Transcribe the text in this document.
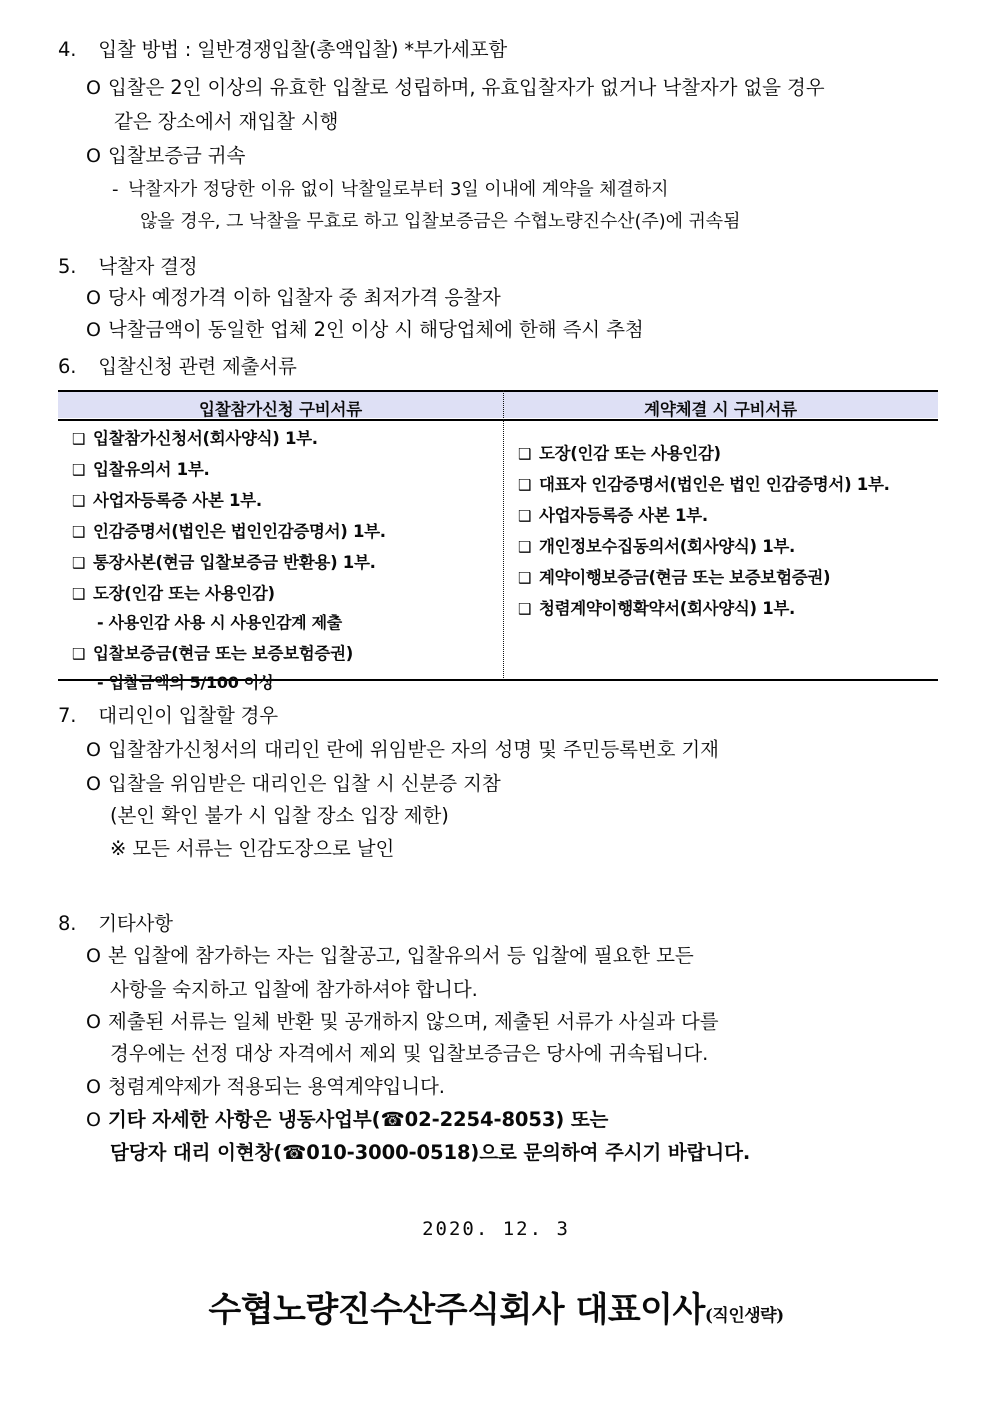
4. 입찰 방법 : 일반경쟁입찰(총액입찰) *부가세포함
O 입찰은 2인 이상의 유효한 입찰로 성립하며, 유효입찰자가 없거나 낙찰자가 없을 경우
같은 장소에서 재입찰 시행
O 입찰보증금 귀속
- 낙찰자가 정당한 이유 없이 낙찰일로부터 3일 이내에 계약을 체결하지
않을 경우, 그 낙찰을 무효로 하고 입찰보증금은 수협노량진수산(주)에 귀속됨
5. 낙찰자 결정
O 당사 예정가격 이하 입찰자 중 최저가격 응찰자
O 낙찰금액이 동일한 업체 2인 이상 시 해당업체에 한해 즉시 추첨
6. 입찰신청 관련 제출서류
입찰참가신청 구비서류	계약체결 시 구비서류
❑ 입찰참가신청서(회사양식) 1부.
❑ 입찰유의서 1부.
❑ 사업자등록증 사본 1부.
❑ 인감증명서(법인은 법인인감증명서) 1부.
❑ 통장사본(현금 입찰보증금 반환용) 1부.
❑ 도장(인감 또는 사용인감)
- 사용인감 사용 시 사용인감계 제출
❑ 입찰보증금(현금 또는 보증보험증권)
- 입찰금액의 5/100 이상
❑ 도장(인감 또는 사용인감)
❑ 대표자 인감증명서(법인은 법인 인감증명서) 1부.
❑ 사업자등록증 사본 1부.
❑ 개인정보수집동의서(회사양식) 1부.
❑ 계약이행보증금(현금 또는 보증보험증권)
❑ 청렴계약이행확약서(회사양식) 1부.
7. 대리인이 입찰할 경우
O 입찰참가신청서의 대리인 란에 위임받은 자의 성명 및 주민등록번호 기재
O 입찰을 위임받은 대리인은 입찰 시 신분증 지참
(본인 확인 불가 시 입찰 장소 입장 제한)
※ 모든 서류는 인감도장으로 날인
8. 기타사항
O 본 입찰에 참가하는 자는 입찰공고, 입찰유의서 등 입찰에 필요한 모든
사항을 숙지하고 입찰에 참가하셔야 합니다.
O 제출된 서류는 일체 반환 및 공개하지 않으며, 제출된 서류가 사실과 다를
경우에는 선정 대상 자격에서 제외 및 입찰보증금은 당사에 귀속됩니다.
O 청렴계약제가 적용되는 용역계약입니다.
O 기타 자세한 사항은 냉동사업부(☎02-2254-8053) 또는
담당자 대리 이현창(☎010-3000-0518)으로 문의하여 주시기 바랍니다.
2020. 12. 3
수협노량진수산주식회사 대표이사(직인생략)
